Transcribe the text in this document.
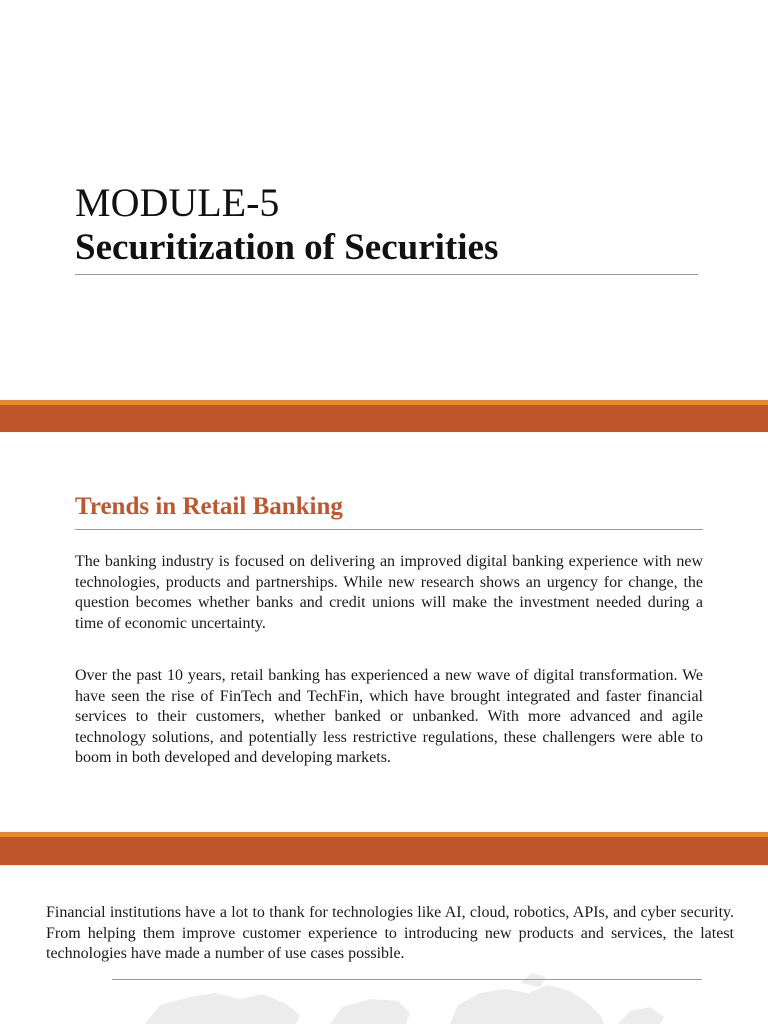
MODULE-5
Securitization of Securities
Trends in Retail Banking

The banking industry is focused on delivering an improved digital banking experience with new technologies, products and partnerships. While new research shows an urgency for change, the question becomes whether banks and credit unions will make the investment needed during a time of economic uncertainty.

Over the past 10 years, retail banking has experienced a new wave of digital transformation. We have seen the rise of FinTech and TechFin, which have brought integrated and faster financial services to their customers, whether banked or unbanked. With more advanced and agile technology solutions, and potentially less restrictive regulations, these challengers were able to boom in both developed and developing markets.

Financial institutions have a lot to thank for technologies like AI, cloud, robotics, APIs, and cyber security. From helping them improve customer experience to introducing new products and services, the latest technologies have made a number of use cases possible.
